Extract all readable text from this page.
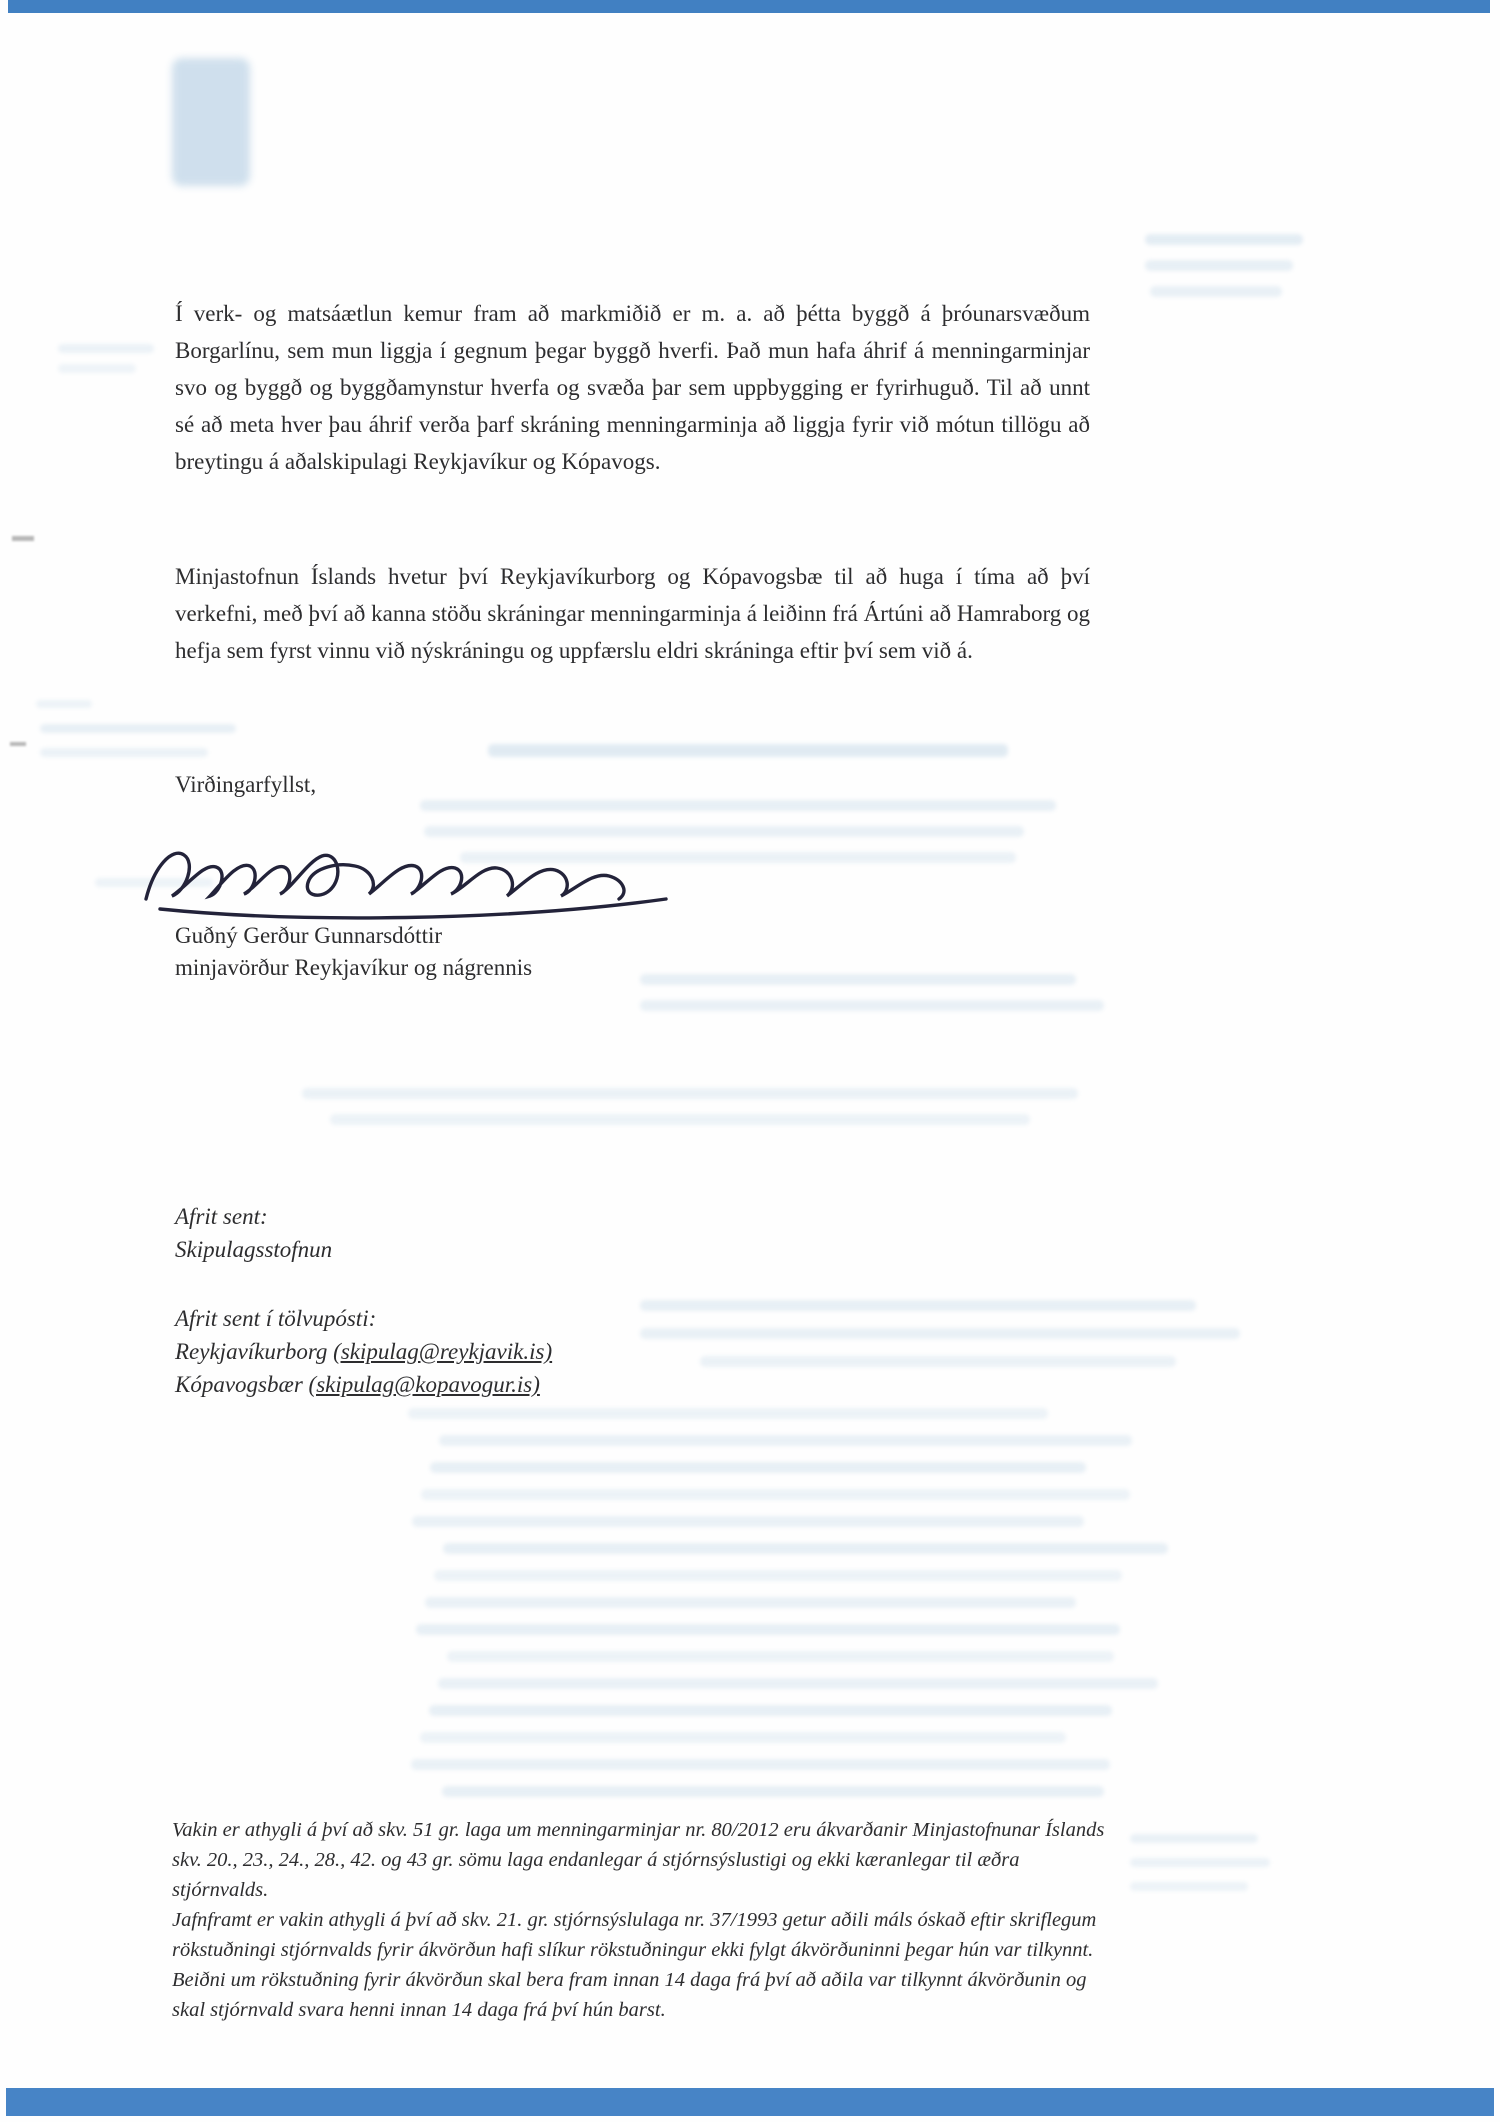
Í verk- og matsáætlun kemur fram að markmiðið er m. a. að þétta byggð á þróunarsvæðum Borgarlínu, sem mun liggja í gegnum þegar byggð hverfi. Það mun hafa áhrif á menningarminjar svo og byggð og byggðamynstur hverfa og svæða þar sem uppbygging er fyrirhuguð. Til að unnt sé að meta hver þau áhrif verða þarf skráning menningarminja að liggja fyrir við mótun tillögu að breytingu á aðalskipulagi Reykjavíkur og Kópavogs.

Minjastofnun Íslands hvetur því Reykjavíkurborg og Kópavogsbæ til að huga í tíma að því verkefni, með því að kanna stöðu skráningar menningarminja á leiðinn frá Ártúni að Hamraborg og hefja sem fyrst vinnu við nýskráningu og uppfærslu eldri skráninga eftir því sem við á.

Virðingarfyllst,

Guðný Gerður Gunnarsdóttir

minjavörður Reykjavíkur og nágrennis

Afrit sent:

Skipulagsstofnun

Afrit sent í tölvupósti:

Reykjavíkurborg (skipulag@reykjavik.is)

Kópavogsbær (skipulag@kopavogur.is)

Vakin er athygli á því að skv. 51 gr. laga um menningarminjar nr. 80/2012 eru ákvarðanir Minjastofnunar Íslands skv. 20., 23., 24., 28., 42. og 43 gr. sömu laga endanlegar á stjórnsýslustigi og ekki kæranlegar til æðra stjórnvalds.

Jafnframt er vakin athygli á því að skv. 21. gr. stjórnsýslulaga nr. 37/1993 getur aðili máls óskað eftir skriflegum rökstuðningi stjórnvalds fyrir ákvörðun hafi slíkur rökstuðningur ekki fylgt ákvörðuninni þegar hún var tilkynnt. Beiðni um rökstuðning fyrir ákvörðun skal bera fram innan 14 daga frá því að aðila var tilkynnt ákvörðunin og skal stjórnvald svara henni innan 14 daga frá því hún barst.
